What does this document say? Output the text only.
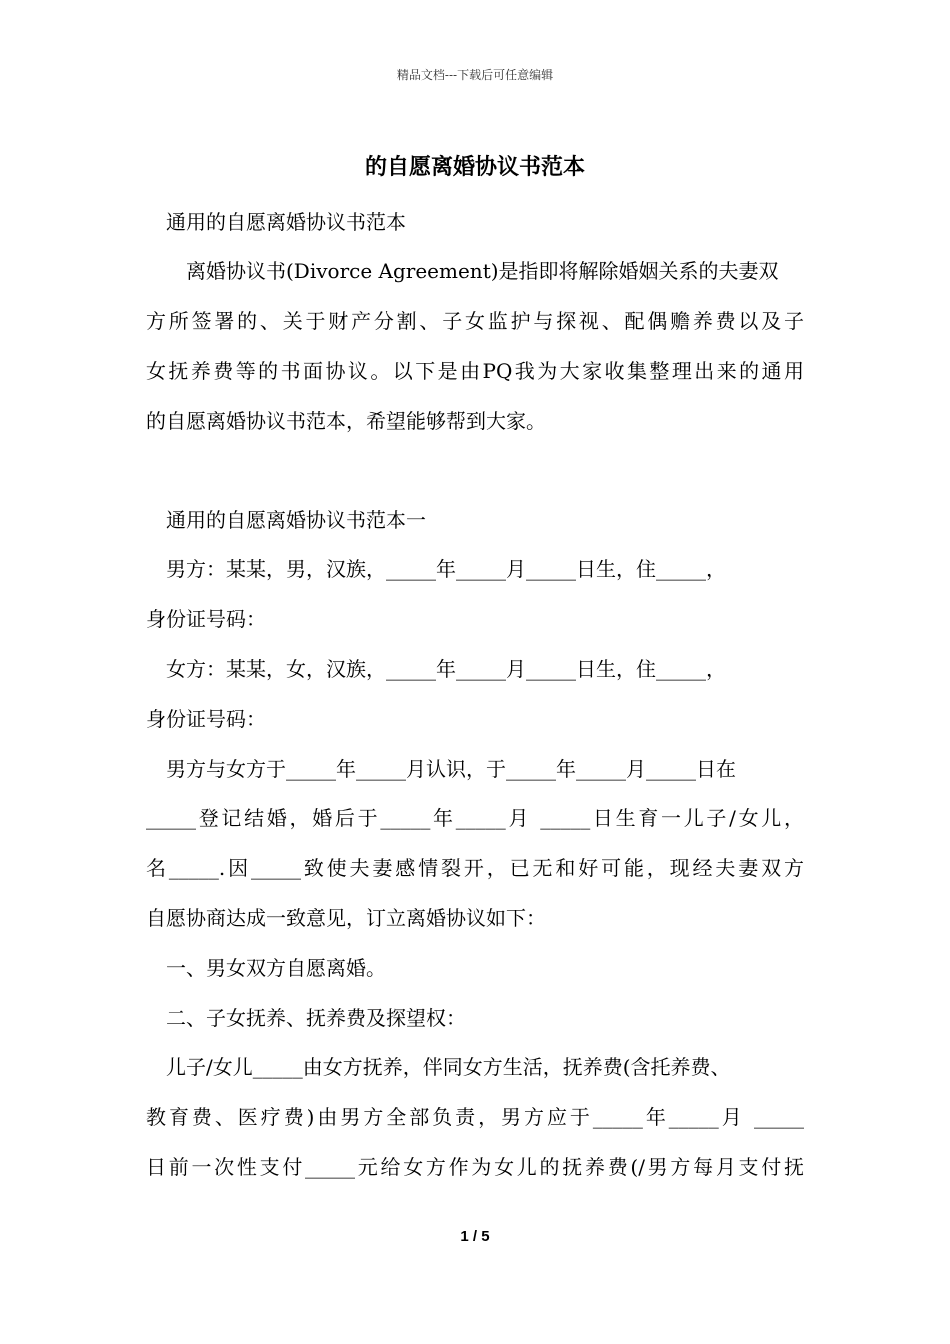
精品文档---下载后可任意编辑
的自愿离婚协议书范本
通用的自愿离婚协议书范本
离婚协议书(Divorce Agreement)是指即将解除婚姻关系的夫妻双
方所签署的、关于财产分割、子女监护与探视、配偶赡养费以及子
女抚养费等的书面协议。以下是由PQ我为大家收集整理出来的通用
的自愿离婚协议书范本，希望能够帮到大家。
通用的自愿离婚协议书范本一
男方：某某，男，汉族，_____年_____月_____日生，住_____，
身份证号码：
女方：某某，女，汉族，_____年_____月_____日生，住_____，
身份证号码：
男方与女方于_____年_____月认识，于_____年_____月_____日在
_____登记结婚，婚后于_____年_____月 _____日生育一儿子/女儿，
名_____.因_____致使夫妻感情裂开，已无和好可能，现经夫妻双方
自愿协商达成一致意见，订立离婚协议如下：
一、男女双方自愿离婚。
二、子女抚养、抚养费及探望权：
儿子/女儿_____由女方抚养，伴同女方生活，抚养费(含托养费、
教育费、医疗费)由男方全部负责，男方应于_____年_____月 _____
日前一次性支付_____元给女方作为女儿的抚养费(/男方每月支付抚
1 / 5
